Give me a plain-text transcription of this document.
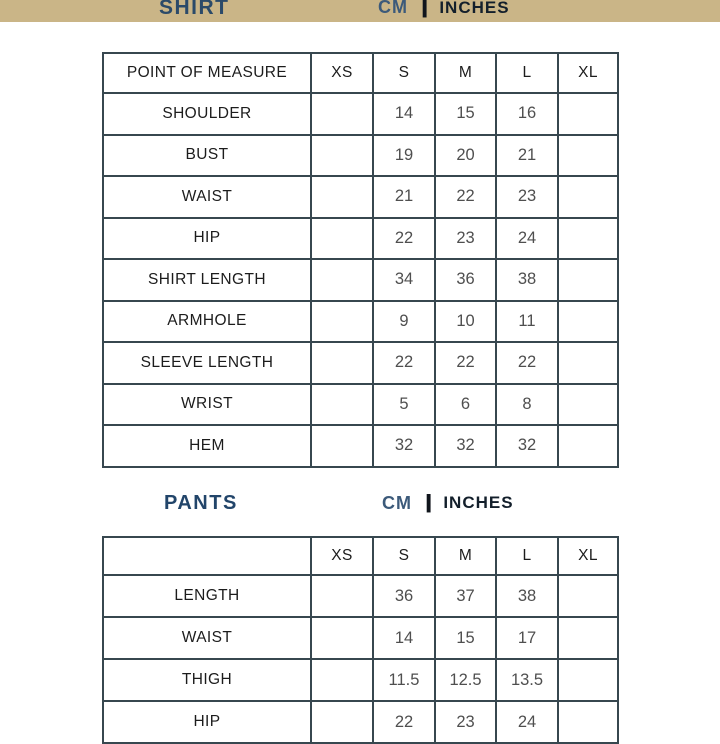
SHIRT	CM | INCHES
POINT OF MEASURE	XS	S	M	L	XL
SHOULDER		14	15	16	
BUST		19	20	21	
WAIST		21	22	23	
HIP		22	23	24	
SHIRT LENGTH		34	36	38	
ARMHOLE		9	10	11	
SLEEVE LENGTH		22	22	22	
WRIST		5	6	8	
HEM		32	32	32	
PANTS	CM | INCHES
	XS	S	M	L	XL
LENGTH		36	37	38	
WAIST		14	15	17	
THIGH		11.5	12.5	13.5	
HIP		22	23	24	
